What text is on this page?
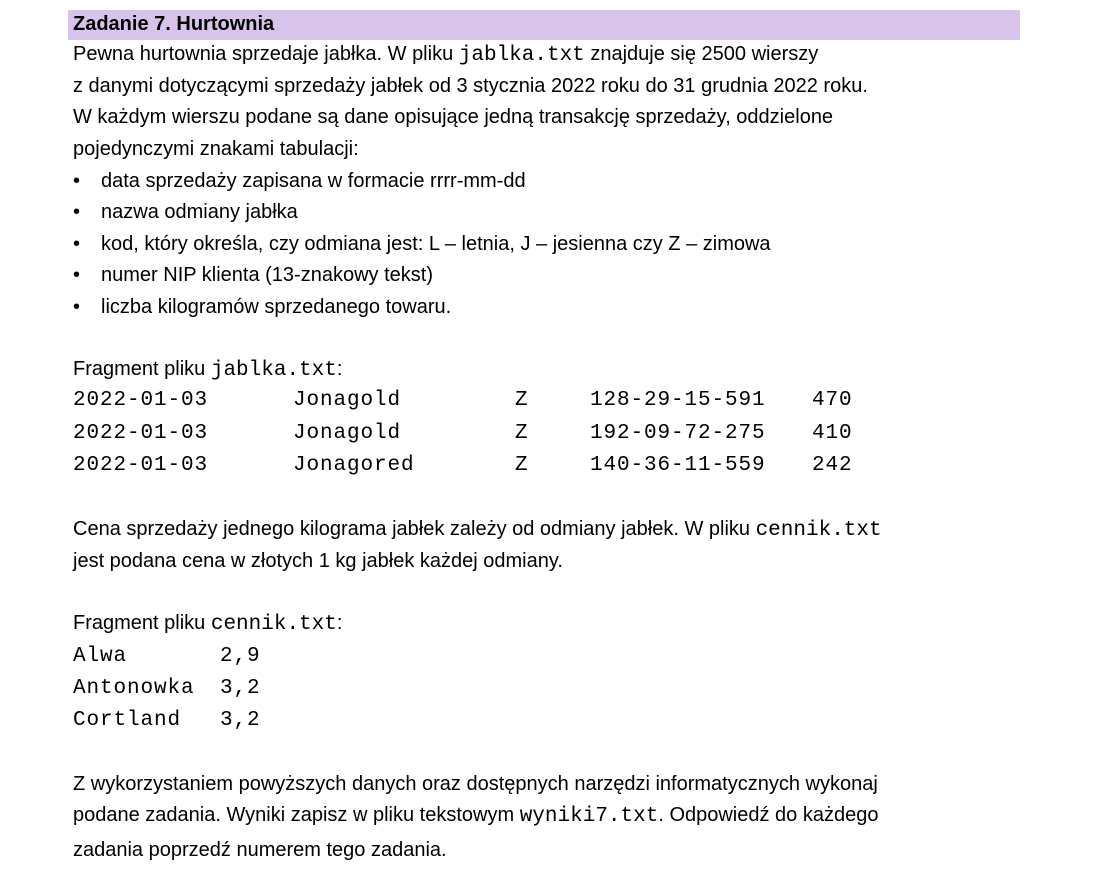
Zadanie 7. Hurtownia
Pewna hurtownia sprzedaje jabłka. W pliku jablka.txt znajduje się 2500 wierszy
z danymi dotyczącymi sprzedaży jabłek od 3 stycznia 2022 roku do 31 grudnia 2022 roku.
W każdym wierszu podane są dane opisujące jedną transakcję sprzedaży, oddzielone
pojedynczymi znakami tabulacji:
• data sprzedaży zapisana w formacie rrrr-mm-dd
• nazwa odmiany jabłka
• kod, który określa, czy odmiana jest: L – letnia, J – jesienna czy Z – zimowa
• numer NIP klienta (13-znakowy tekst)
• liczba kilogramów sprzedanego towaru.
Fragment pliku jablka.txt:
2022-01-03	Jonagold	Z	128-29-15-591 470
2022-01-03	Jonagold	Z	192-09-72-275 410
2022-01-03	Jonagored	Z	140-36-11-559 242
Cena sprzedaży jednego kilograma jabłek zależy od odmiany jabłek. W pliku cennik.txt
jest podana cena w złotych 1 kg jabłek każdej odmiany.
Fragment pliku cennik.txt:
Alwa	2,9
Antonowka 3,2
Cortland 3,2
Z wykorzystaniem powyższych danych oraz dostępnych narzędzi informatycznych wykonaj
podane zadania. Wyniki zapisz w pliku tekstowym wyniki7.txt. Odpowiedź do każdego
zadania poprzedź numerem tego zadania.
